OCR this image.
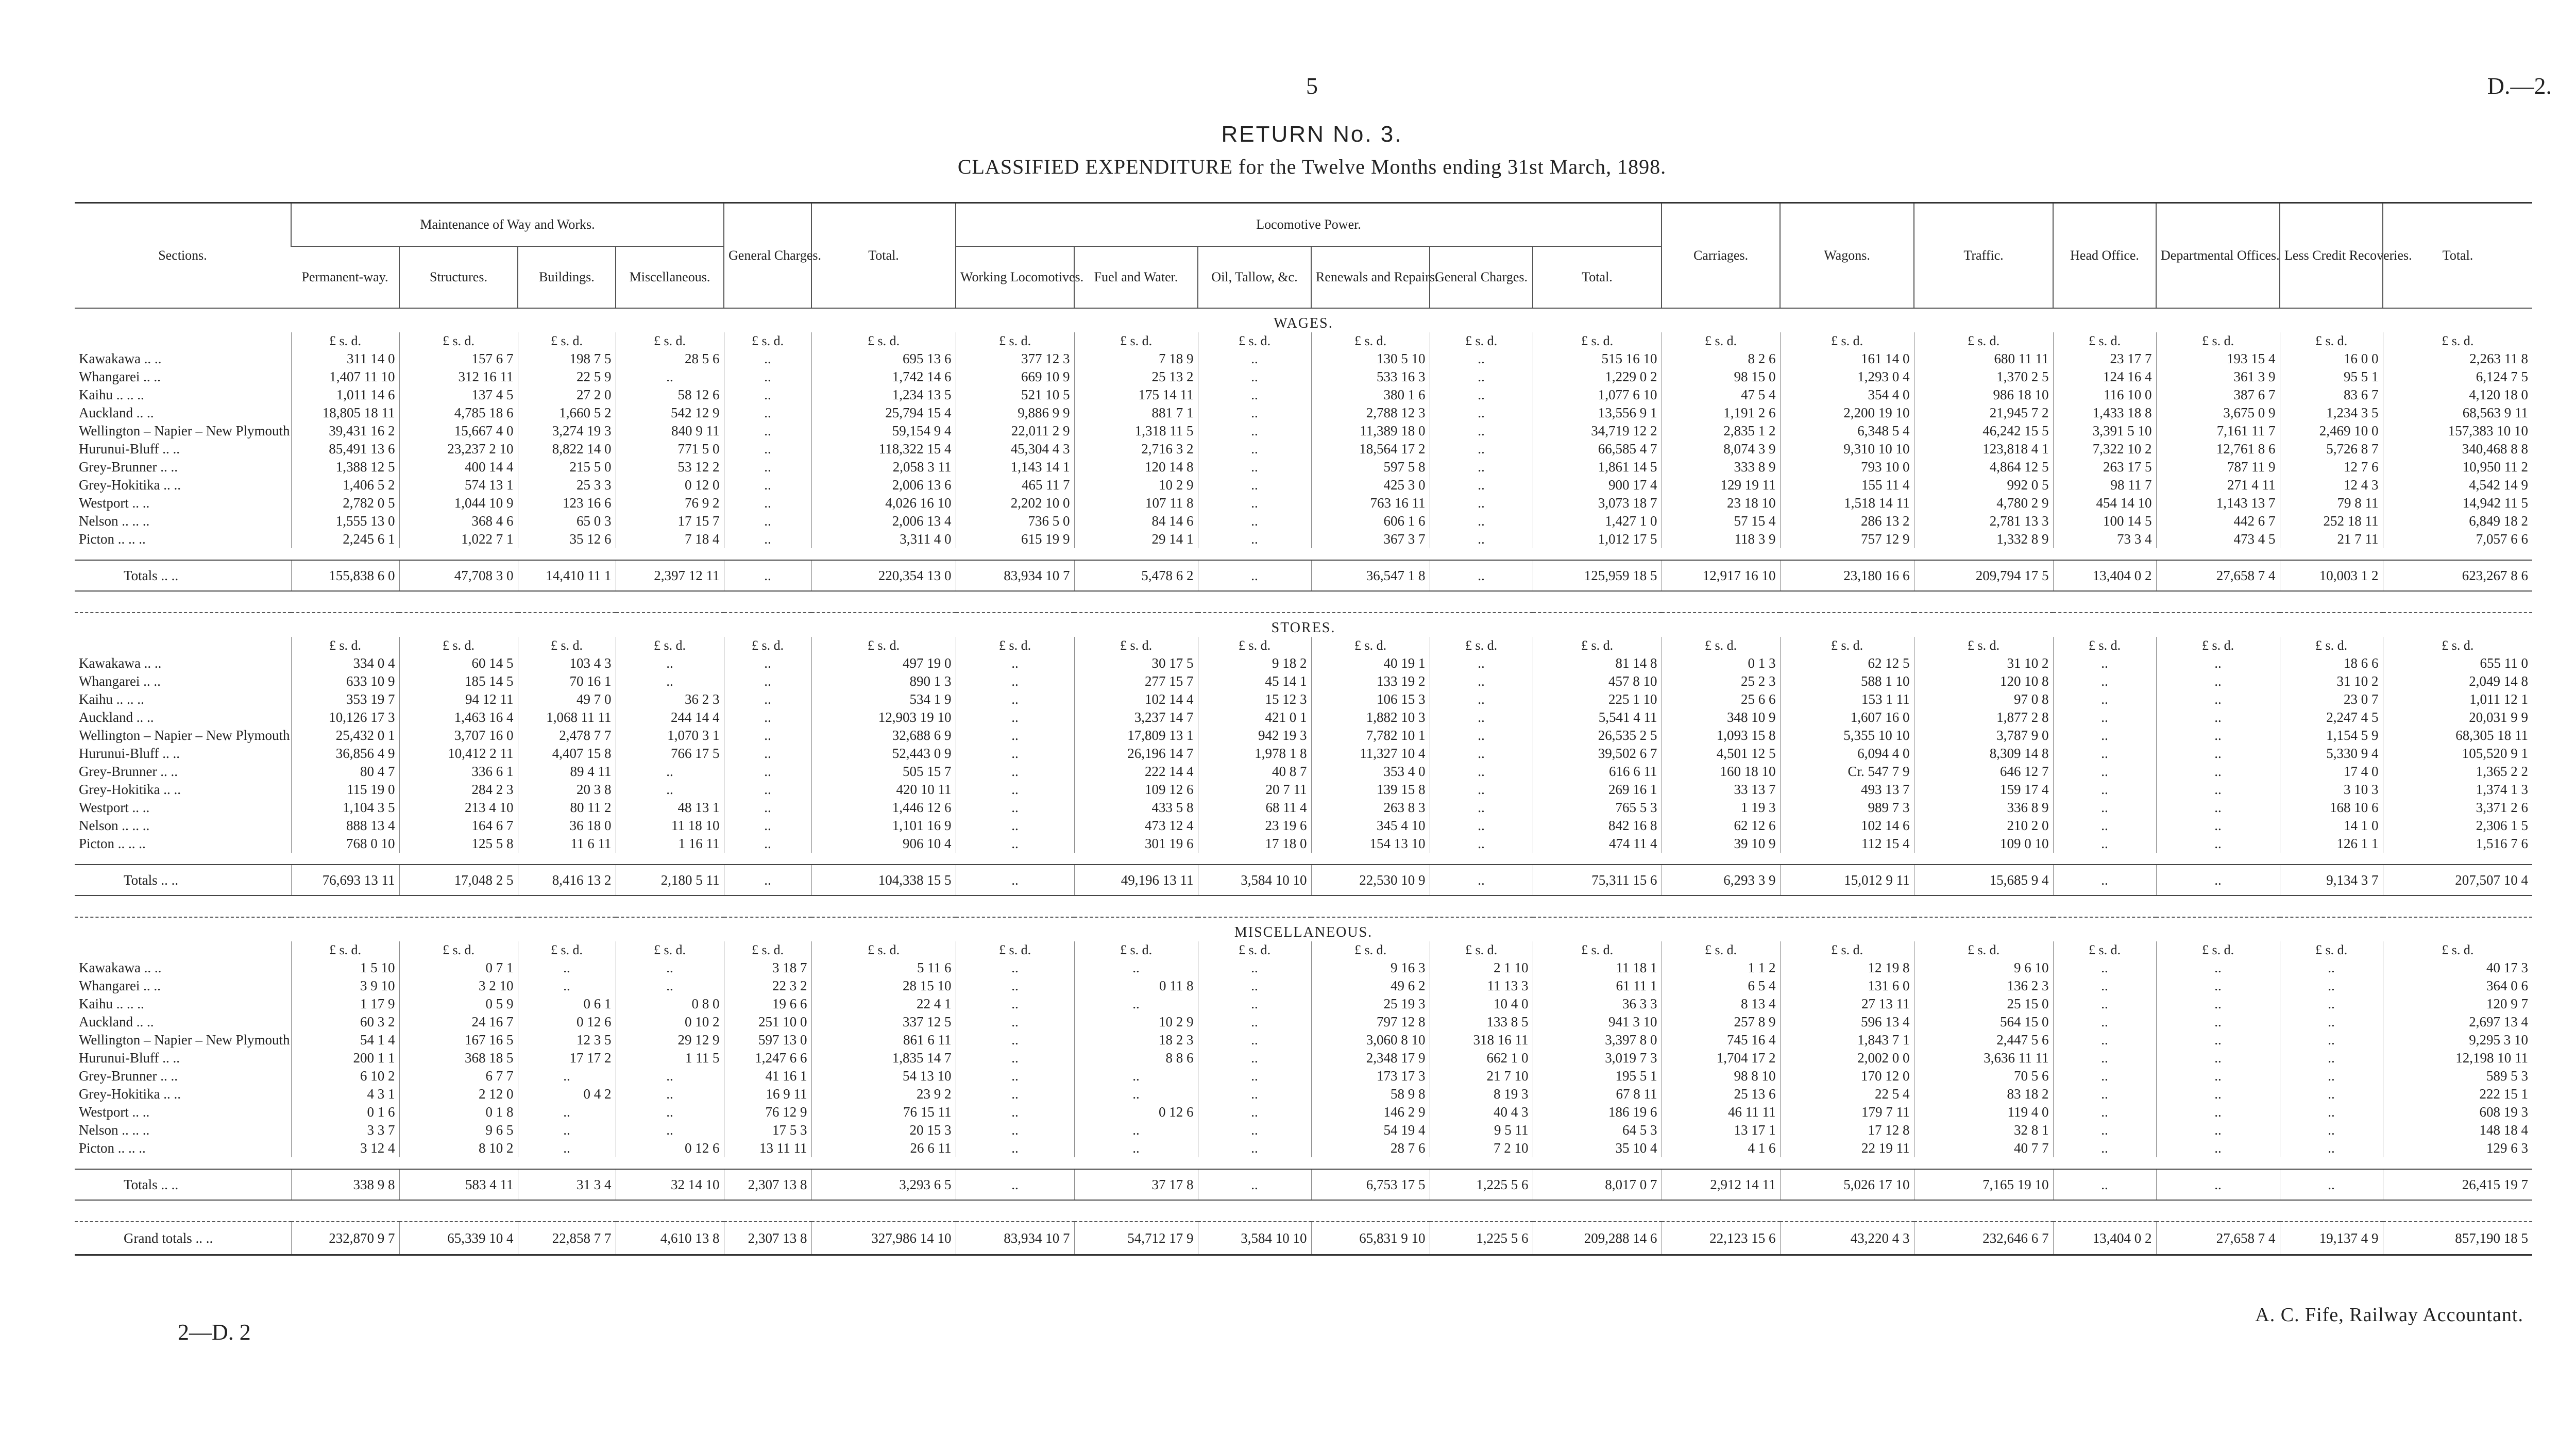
5	D.—2.
RETURN No. 3.
CLASSIFIED EXPENDITURE for the Twelve Months ending 31st March, 1898.
Sections.	Maintenance of Way and Works.				General Charges.	Total.	Locomotive Power.						Carriages.	Wagons.	Traffic.	Head Office.	Departmental Offices.	Less Credit Recoveries.	Total.
	Permanent-way.	Structures.	Buildings.	Miscellaneous.			Working Locomotives.	Fuel and Water.	Oil, Tallow, &c.	Renewals and Repairs.	General Charges.	Total.							
WAGES.																			
	£ s. d.	£ s. d.	£ s. d.	£ s. d.	£ s. d.	£ s. d.	£ s. d.	£ s. d.	£ s. d.	£ s. d.	£ s. d.	£ s. d.	£ s. d.	£ s. d.	£ s. d.	£ s. d.	£ s. d.	£ s. d.	£ s. d.
Kawakawa .. ..	311 14 0	157 6 7	198 7 5	28 5 6	..	695 13 6	377 12 3	7 18 9	..	130 5 10	..	515 16 10	8 2 6	161 14 0	680 11 11	23 17 7	193 15 4	16 0 0	2,263 11 8
Whangarei .. ..	1,407 11 10	312 16 11	22 5 9	..	..	1,742 14 6	669 10 9	25 13 2	..	533 16 3	..	1,229 0 2	98 15 0	1,293 0 4	1,370 2 5	124 16 4	361 3 9	95 5 1	6,124 7 5
Kaihu .. .. ..	1,011 14 6	137 4 5	27 2 0	58 12 6	..	1,234 13 5	521 10 5	175 14 11	..	380 1 6	..	1,077 6 10	47 5 4	354 4 0	986 18 10	116 10 0	387 6 7	83 6 7	4,120 18 0
Auckland .. ..	18,805 18 11	4,785 18 6	1,660 5 2	542 12 9	..	25,794 15 4	9,886 9 9	881 7 1	..	2,788 12 3	..	13,556 9 1	1,191 2 6	2,200 19 10	21,945 7 2	1,433 18 8	3,675 0 9	1,234 3 5	68,563 9 11
Wellington – Napier – New Plymouth	39,431 16 2	15,667 4 0	3,274 19 3	840 9 11	..	59,154 9 4	22,011 2 9	1,318 11 5	..	11,389 18 0	..	34,719 12 2	2,835 1 2	6,348 5 4	46,242 15 5	3,391 5 10	7,161 11 7	2,469 10 0	157,383 10 10
Hurunui-Bluff .. ..	85,491 13 6	23,237 2 10	8,822 14 0	771 5 0	..	118,322 15 4	45,304 4 3	2,716 3 2	..	18,564 17 2	..	66,585 4 7	8,074 3 9	9,310 10 10	123,818 4 1	7,322 10 2	12,761 8 6	5,726 8 7	340,468 8 8
Grey-Brunner .. ..	1,388 12 5	400 14 4	215 5 0	53 12 2	..	2,058 3 11	1,143 14 1	120 14 8	..	597 5 8	..	1,861 14 5	333 8 9	793 10 0	4,864 12 5	263 17 5	787 11 9	12 7 6	10,950 11 2
Grey-Hokitika .. ..	1,406 5 2	574 13 1	25 3 3	0 12 0	..	2,006 13 6	465 11 7	10 2 9	..	425 3 0	..	900 17 4	129 19 11	155 11 4	992 0 5	98 11 7	271 4 11	12 4 3	4,542 14 9
Westport .. ..	2,782 0 5	1,044 10 9	123 16 6	76 9 2	..	4,026 16 10	2,202 10 0	107 11 8	..	763 16 11	..	3,073 18 7	23 18 10	1,518 14 11	4,780 2 9	454 14 10	1,143 13 7	79 8 11	14,942 11 5
Nelson .. .. ..	1,555 13 0	368 4 6	65 0 3	17 15 7	..	2,006 13 4	736 5 0	84 14 6	..	606 1 6	..	1,427 1 0	57 15 4	286 13 2	2,781 13 3	100 14 5	442 6 7	252 18 11	6,849 18 2
Picton .. .. ..	2,245 6 1	1,022 7 1	35 12 6	7 18 4	..	3,311 4 0	615 19 9	29 14 1	..	367 3 7	..	1,012 17 5	118 3 9	757 12 9	1,332 8 9	73 3 4	473 4 5	21 7 11	7,057 6 6

Totals .. ..	155,838 6 0	47,708 3 0	14,410 11 1	2,397 12 11	..	220,354 13 0	83,934 10 7	5,478 6 2	..	36,547 1 8	..	125,959 18 5	12,917 16 10	23,180 16 6	209,794 17 5	13,404 0 2	27,658 7 4	10,003 1 2	623,267 8 6

STORES.																			
	£ s. d.	£ s. d.	£ s. d.	£ s. d.	£ s. d.	£ s. d.	£ s. d.	£ s. d.	£ s. d.	£ s. d.	£ s. d.	£ s. d.	£ s. d.	£ s. d.	£ s. d.	£ s. d.	£ s. d.	£ s. d.	£ s. d.
Kawakawa .. ..	334 0 4	60 14 5	103 4 3	..	..	497 19 0	..	30 17 5	9 18 2	40 19 1	..	81 14 8	0 1 3	62 12 5	31 10 2	..	..	18 6 6	655 11 0
Whangarei .. ..	633 10 9	185 14 5	70 16 1	..	..	890 1 3	..	277 15 7	45 14 1	133 19 2	..	457 8 10	25 2 3	588 1 10	120 10 8	..	..	31 10 2	2,049 14 8
Kaihu .. .. ..	353 19 7	94 12 11	49 7 0	36 2 3	..	534 1 9	..	102 14 4	15 12 3	106 15 3	..	225 1 10	25 6 6	153 1 11	97 0 8	..	..	23 0 7	1,011 12 1
Auckland .. ..	10,126 17 3	1,463 16 4	1,068 11 11	244 14 4	..	12,903 19 10	..	3,237 14 7	421 0 1	1,882 10 3	..	5,541 4 11	348 10 9	1,607 16 0	1,877 2 8	..	..	2,247 4 5	20,031 9 9
Wellington – Napier – New Plymouth	25,432 0 1	3,707 16 0	2,478 7 7	1,070 3 1	..	32,688 6 9	..	17,809 13 1	942 19 3	7,782 10 1	..	26,535 2 5	1,093 15 8	5,355 10 10	3,787 9 0	..	..	1,154 5 9	68,305 18 11
Hurunui-Bluff .. ..	36,856 4 9	10,412 2 11	4,407 15 8	766 17 5	..	52,443 0 9	..	26,196 14 7	1,978 1 8	11,327 10 4	..	39,502 6 7	4,501 12 5	6,094 4 0	8,309 14 8	..	..	5,330 9 4	105,520 9 1
Grey-Brunner .. ..	80 4 7	336 6 1	89 4 11	..	..	505 15 7	..	222 14 4	40 8 7	353 4 0	..	616 6 11	160 18 10	Cr. 547 7 9	646 12 7	..	..	17 4 0	1,365 2 2
Grey-Hokitika .. ..	115 19 0	284 2 3	20 3 8	..	..	420 10 11	..	109 12 6	20 7 11	139 15 8	..	269 16 1	33 13 7	493 13 7	159 17 4	..	..	3 10 3	1,374 1 3
Westport .. ..	1,104 3 5	213 4 10	80 11 2	48 13 1	..	1,446 12 6	..	433 5 8	68 11 4	263 8 3	..	765 5 3	1 19 3	989 7 3	336 8 9	..	..	168 10 6	3,371 2 6
Nelson .. .. ..	888 13 4	164 6 7	36 18 0	11 18 10	..	1,101 16 9	..	473 12 4	23 19 6	345 4 10	..	842 16 8	62 12 6	102 14 6	210 2 0	..	..	14 1 0	2,306 1 5
Picton .. .. ..	768 0 10	125 5 8	11 6 11	1 16 11	..	906 10 4	..	301 19 6	17 18 0	154 13 10	..	474 11 4	39 10 9	112 15 4	109 0 10	..	..	126 1 1	1,516 7 6

Totals .. ..	76,693 13 11	17,048 2 5	8,416 13 2	2,180 5 11	..	104,338 15 5	..	49,196 13 11	3,584 10 10	22,530 10 9	..	75,311 15 6	6,293 3 9	15,012 9 11	15,685 9 4	..	..	9,134 3 7	207,507 10 4

MISCELLANEOUS.																			
	£ s. d.	£ s. d.	£ s. d.	£ s. d.	£ s. d.	£ s. d.	£ s. d.	£ s. d.	£ s. d.	£ s. d.	£ s. d.	£ s. d.	£ s. d.	£ s. d.	£ s. d.	£ s. d.	£ s. d.	£ s. d.	£ s. d.
Kawakawa .. ..	1 5 10	0 7 1	..	..	3 18 7	5 11 6	..	..	..	9 16 3	2 1 10	11 18 1	1 1 2	12 19 8	9 6 10	..	..	..	40 17 3
Whangarei .. ..	3 9 10	3 2 10	..	..	22 3 2	28 15 10	..	0 11 8	..	49 6 2	11 13 3	61 11 1	6 5 4	131 6 0	136 2 3	..	..	..	364 0 6
Kaihu .. .. ..	1 17 9	0 5 9	0 6 1	0 8 0	19 6 6	22 4 1	..	..	..	25 19 3	10 4 0	36 3 3	8 13 4	27 13 11	25 15 0	..	..	..	120 9 7
Auckland .. ..	60 3 2	24 16 7	0 12 6	0 10 2	251 10 0	337 12 5	..	10 2 9	..	797 12 8	133 8 5	941 3 10	257 8 9	596 13 4	564 15 0	..	..	..	2,697 13 4
Wellington – Napier – New Plymouth	54 1 4	167 16 5	12 3 5	29 12 9	597 13 0	861 6 11	..	18 2 3	..	3,060 8 10	318 16 11	3,397 8 0	745 16 4	1,843 7 1	2,447 5 6	..	..	..	9,295 3 10
Hurunui-Bluff .. ..	200 1 1	368 18 5	17 17 2	1 11 5	1,247 6 6	1,835 14 7	..	8 8 6	..	2,348 17 9	662 1 0	3,019 7 3	1,704 17 2	2,002 0 0	3,636 11 11	..	..	..	12,198 10 11
Grey-Brunner .. ..	6 10 2	6 7 7	..	..	41 16 1	54 13 10	..	..	..	173 17 3	21 7 10	195 5 1	98 8 10	170 12 0	70 5 6	..	..	..	589 5 3
Grey-Hokitika .. ..	4 3 1	2 12 0	0 4 2	..	16 9 11	23 9 2	..	..	..	58 9 8	8 19 3	67 8 11	25 13 6	22 5 4	83 18 2	..	..	..	222 15 1
Westport .. ..	0 1 6	0 1 8	..	..	76 12 9	76 15 11	..	0 12 6	..	146 2 9	40 4 3	186 19 6	46 11 11	179 7 11	119 4 0	..	..	..	608 19 3
Nelson .. .. ..	3 3 7	9 6 5	..	..	17 5 3	20 15 3	..	..	..	54 19 4	9 5 11	64 5 3	13 17 1	17 12 8	32 8 1	..	..	..	148 18 4
Picton .. .. ..	3 12 4	8 10 2	..	0 12 6	13 11 11	26 6 11	..	..	..	28 7 6	7 2 10	35 10 4	4 1 6	22 19 11	40 7 7	..	..	..	129 6 3

Totals .. ..	338 9 8	583 4 11	31 3 4	32 14 10	2,307 13 8	3,293 6 5	..	37 17 8	..	6,753 17 5	1,225 5 6	8,017 0 7	2,912 14 11	5,026 17 10	7,165 19 10	..	..	..	26,415 19 7

Grand totals .. ..	232,870 9 7	65,339 10 4	22,858 7 7	4,610 13 8	2,307 13 8	327,986 14 10	83,934 10 7	54,712 17 9	3,584 10 10	65,831 9 10	1,225 5 6	209,288 14 6	22,123 15 6	43,220 4 3	232,646 6 7	13,404 0 2	27,658 7 4	19,137 4 9	857,190 18 5
2—D. 2
A. C. Fife, Railway Accountant.
